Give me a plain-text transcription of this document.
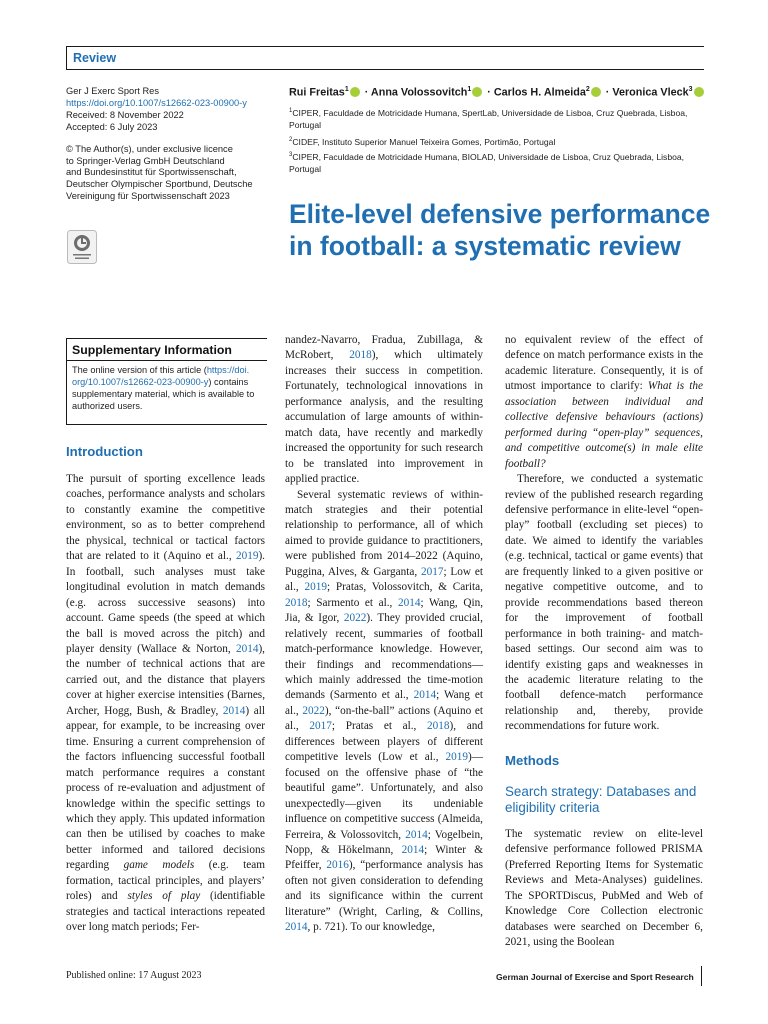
Review
Ger J Exerc Sport Res
https://doi.org/10.1007/s12662-023-00900-y
Received: 8 November 2022
Accepted: 6 July 2023
© The Author(s), under exclusive licence
to Springer-Verlag GmbH Deutschland
and Bundesinstitut für Sportwissenschaft,
Deutscher Olympischer Sportbund, Deutsche
Vereinigung für Sportwissenschaft 2023
Rui Freitas$^1$ · Anna Volossovitch$^1$ · Carlos H. Almeida$^2$ · Veronica Vleck$^3$
$^1$CIPER, Faculdade de Motricidade Humana, SpertLab, Universidade de Lisboa, Cruz Quebrada, Lisboa,
Portugal
$^2$CIDEF, Instituto Superior Manuel Teixeira Gomes, Portimão, Portugal
$^3$CIPER, Faculdade de Motricidade Humana, BIOLAD, Universidade de Lisboa, Cruz Quebrada, Lisboa,
Portugal
Elite-level defensive performance
in football: a systematic review
Supplementary Information
The online version of this article (https://doi.
org/10.1007/s12662-023-00900-y) contains
supplementary material, which is available to
authorized users.
Introduction
Methods
Search strategy: Databases and eligibility criteria

The pursuit of sporting excellence leads coaches, performance analysts and scholars to constantly examine the competitive environment, so as to better comprehend the physical, technical or tactical factors that are related to it (Aquino et al., 2019). In football, such analyses must take longitudinal evolution in match demands (e.g. across successive seasons) into account. Game speeds (the speed at which the ball is moved across the pitch) and player density (Wallace & Norton, 2014), the number of technical actions that are carried out, and the distance that players cover at higher exercise intensities (Barnes, Archer, Hogg, Bush, & Bradley, 2014) all appear, for example, to be increasing over time. Ensuring a current comprehension of the factors influencing successful football match performance requires a constant process of re-evaluation and adjustment of knowledge within the specific settings to which they apply. This updated information can then be utilised by coaches to make better informed and tailored decisions regarding game models (e.g. team formation, tactical principles, and players’ roles) and styles of play (identifiable strategies and tactical interactions repeated over long match periods; Fer-

nandez-Navarro, Fradua, Zubillaga, & McRobert, 2018), which ultimately increases their success in competition. Fortunately, technological innovations in performance analysis, and the resulting accumulation of large amounts of within-match data, have recently and markedly increased the opportunity for such research to be translated into improvement in applied practice.

Several systematic reviews of within-match strategies and their potential relationship to performance, all of which aimed to provide guidance to practitioners, were published from 2014–2022 (Aquino, Puggina, Alves, & Garganta, 2017; Low et al., 2019; Pratas, Volossovitch, & Carita, 2018; Sarmento et al., 2014; Wang, Qin, Jia, & Igor, 2022). They provided crucial, relatively recent, summaries of football match-performance knowledge. However, their findings and recommendations—which mainly addressed the time-motion demands (Sarmento et al., 2014; Wang et al., 2022), “on-the-ball” actions (Aquino et al., 2017; Pratas et al., 2018), and differences between players of different competitive levels (Low et al., 2019)—focused on the offensive phase of “the beautiful game”. Unfortunately, and also unexpectedly—given its undeniable influence on competitive success (Almeida, Ferreira, & Volossovitch, 2014; Vogelbein, Nopp, & Hökelmann, 2014; Winter & Pfeiffer, 2016), “performance analysis has often not given consideration to defending and its significance within the current literature” (Wright, Carling, & Collins, 2014, p. 721). To our knowledge,

no equivalent review of the effect of defence on match performance exists in the academic literature. Consequently, it is of utmost importance to clarify: What is the association between individual and collective defensive behaviours (actions) performed during “open-play” sequences, and competitive outcome(s) in male elite football?

Therefore, we conducted a systematic review of the published research regarding defensive performance in elite-level “open-play” football (excluding set pieces) to date. We aimed to identify the variables (e.g. technical, tactical or game events) that are frequently linked to a given positive or negative competitive outcome, and to provide recommendations based thereon for the improvement of football performance in both training- and match-based settings. Our second aim was to identify existing gaps and weaknesses in the academic literature relating to the football defence-match performance relationship and, thereby, provide recommendations for future work.

The systematic review on elite-level defensive performance followed PRISMA (Preferred Reporting Items for Systematic Reviews and Meta-Analyses) guidelines. The SPORTDiscus, PubMed and Web of Knowledge Core Collection electronic databases were searched on December 6, 2021, using the Boolean

Published online: 17 August 2023	German Journal of Exercise and Sport Research
